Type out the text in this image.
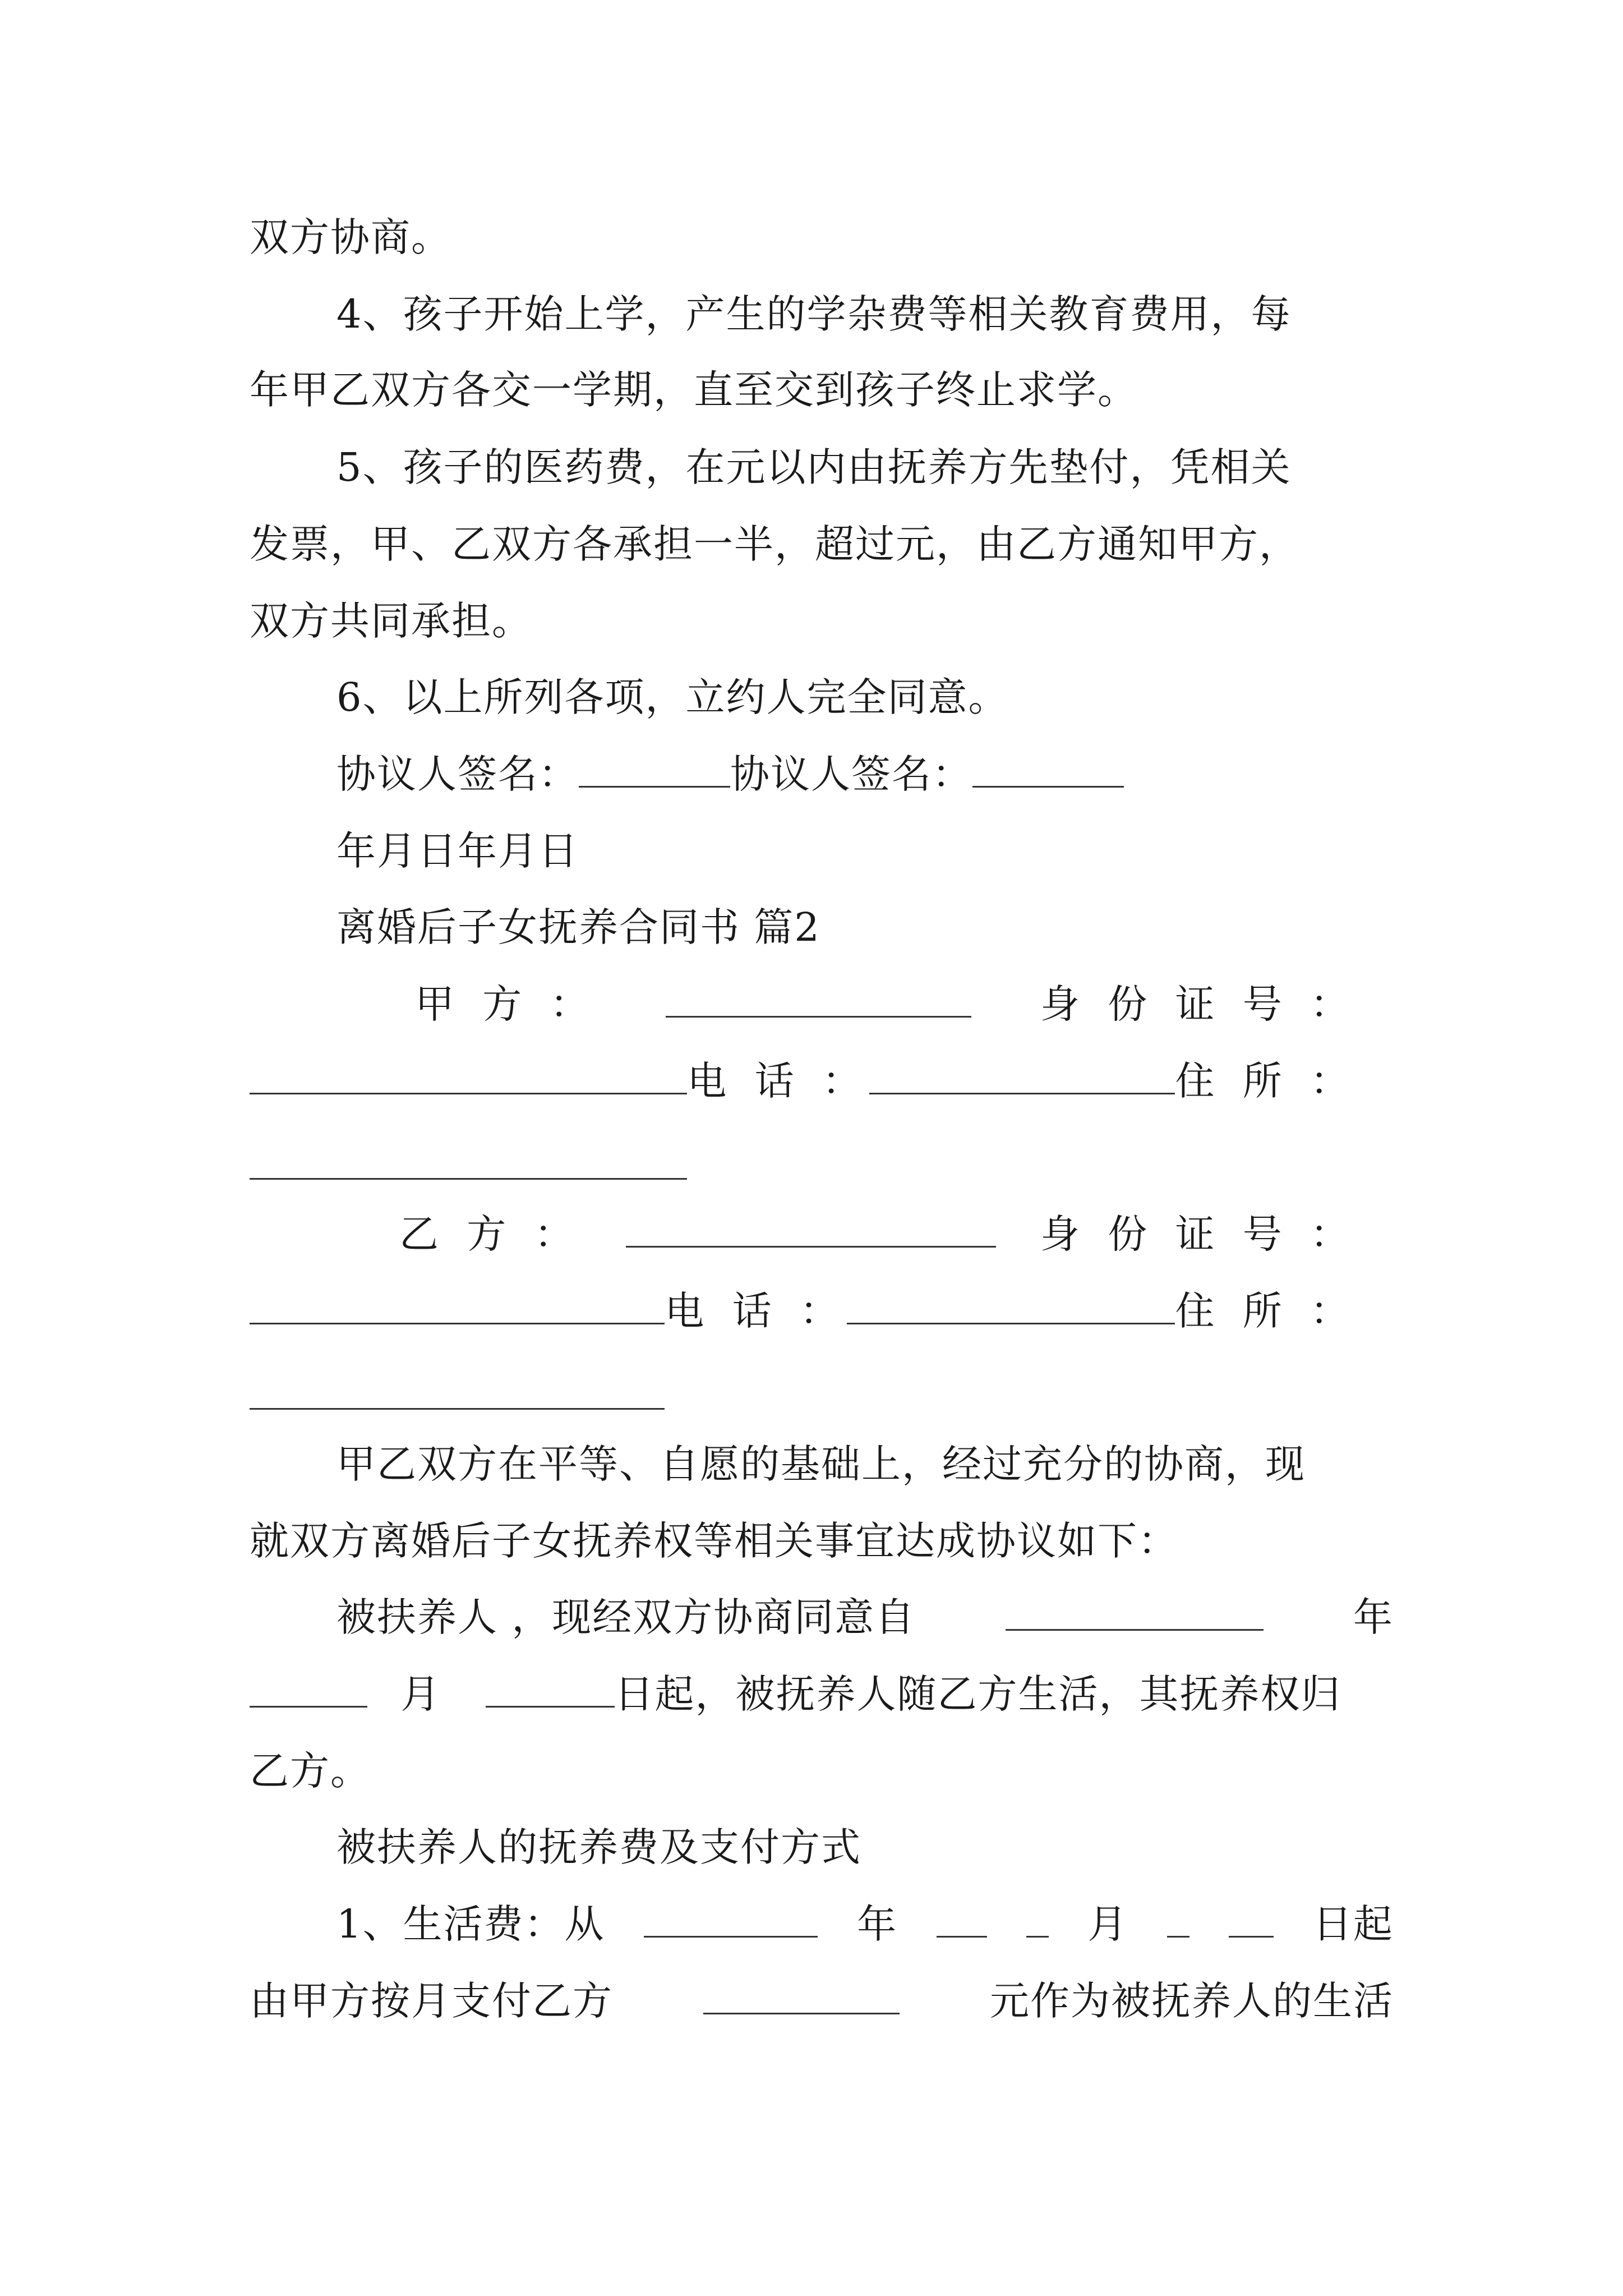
双方协商。
4、孩子开始上学，产生的学杂费等相关教育费用，每
年甲乙双方各交一学期，直至交到孩子终止求学。
5、孩子的医药费，在元以内由抚养方先垫付，凭相关
发票，甲、乙双方各承担一半，超过元，由乙方通知甲方，
双方共同承担。
6、以上所列各项，立约人完全同意。
协议人签名：	协议人签名：
年月日年月日
离婚后子女抚养合同书 篇2
甲 方 ：	身 份 证 号 ：
电 话 ：	住 所 ：
乙 方 ：	身 份 证 号 ：
电 话 ：	住 所 ：
甲乙双方在平等、自愿的基础上，经过充分的协商，现
就双方离婚后子女抚养权等相关事宜达成协议如下：
被扶养人 ，现经双方协商同意自	年
月	日起，被抚养人随乙方生活，其抚养权归
乙方。
被扶养人的抚养费及支付方式
1、生活费：从	年	月	日起
由甲方按月支付乙方	元作为被抚养人的生活
